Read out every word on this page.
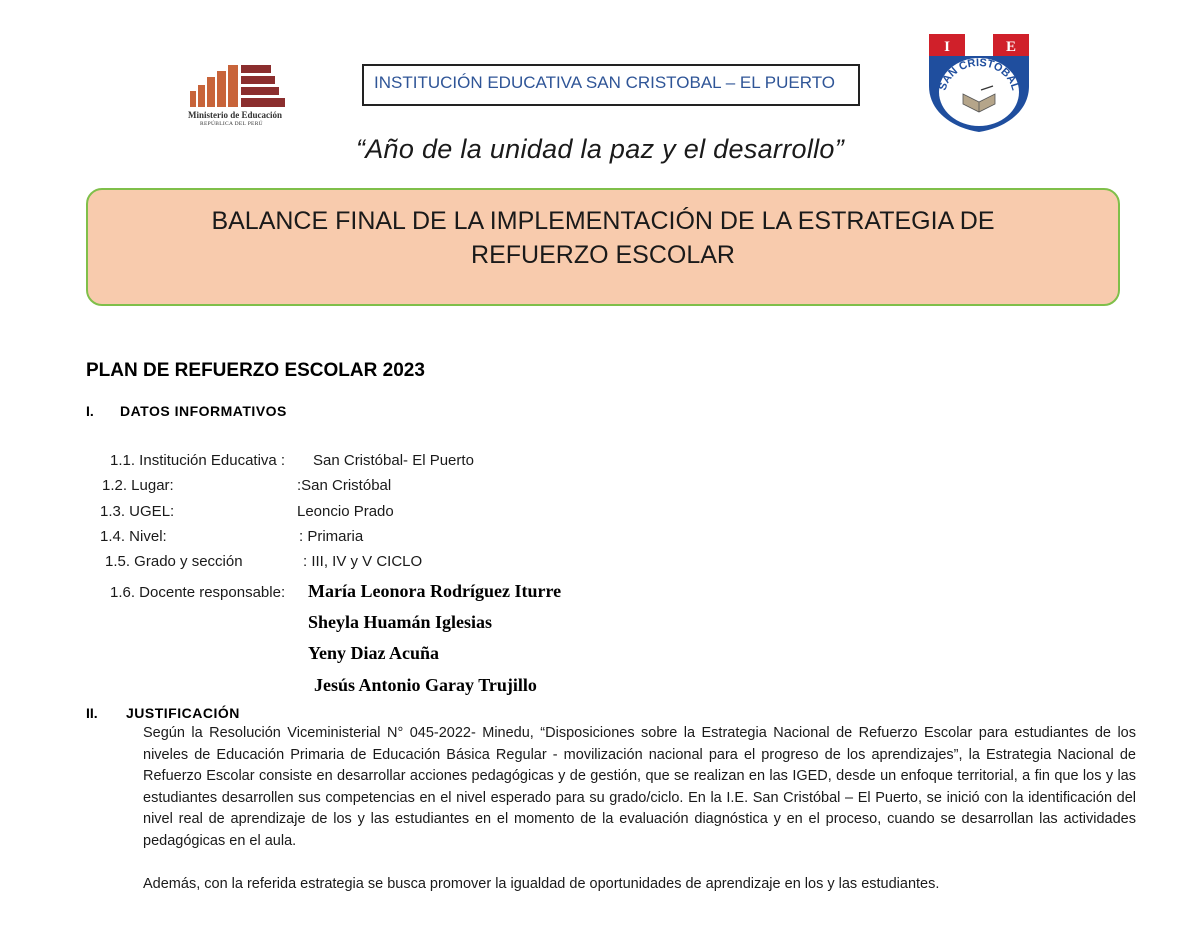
Ministerio de Educación
REPÚBLICA DEL PERÚ
INSTITUCIÓN EDUCATIVA SAN CRISTOBAL – EL PUERTO
I	E
SAN CRISTOBAL
“Año de la unidad la paz y el desarrollo”
BALANCE FINAL DE LA IMPLEMENTACIÓN DE LA ESTRATEGIA DE
REFUERZO ESCOLAR
PLAN DE REFUERZO ESCOLAR 2023
I. DATOS INFORMATIVOS
1.1. Institución Educativa : San Cristóbal- El Puerto
1.2. Lugar:	:San Cristóbal
1.3. UGEL:	Leoncio Prado
1.4. Nivel:	: Primaria
1.5. Grado y sección	: III, IV y V CICLO
1.6. Docente responsable: María Leonora Rodríguez Iturre
Sheyla Huamán Iglesias
Yeny Diaz Acuña
Jesús Antonio Garay Trujillo
II. JUSTIFICACIÓN
Según la Resolución Viceministerial N° 045-2022- Minedu, “Disposiciones sobre la Estrategia Nacional de Refuerzo Escolar para estudiantes de los niveles de Educación Primaria de Educación Básica Regular - movilización nacional para el progreso de los aprendizajes”, la Estrategia Nacional de Refuerzo Escolar consiste en desarrollar acciones pedagógicas y de gestión, que se realizan en las IGED, desde un enfoque territorial, a fin que los y las estudiantes desarrollen sus competencias en el nivel esperado para su grado/ciclo. En la I.E. San Cristóbal – El Puerto, se inició con la identificación del nivel real de aprendizaje de los y las estudiantes en el momento de la evaluación diagnóstica y en el proceso, cuando se desarrollan las actividades pedagógicas en el aula.
Además, con la referida estrategia se busca promover la igualdad de oportunidades de aprendizaje en los y las estudiantes.
